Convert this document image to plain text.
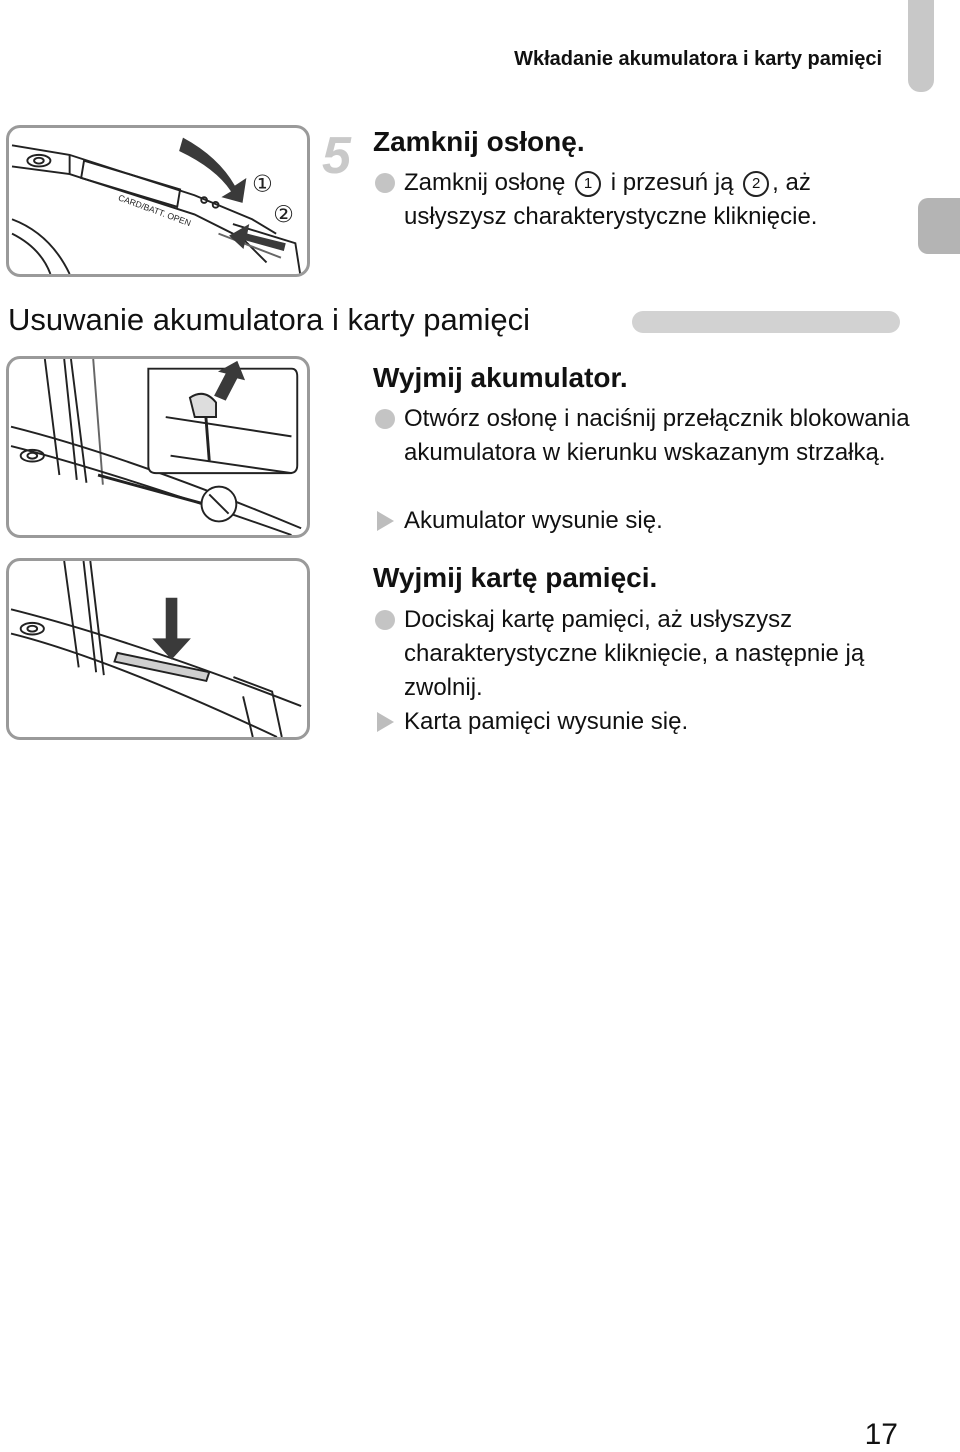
Wkładanie akumulatora i karty pamięci
CARD/BATT. OPEN
①
②
5 Zamknij osłonę.
Zamknij osłonę 1 i przesuń ją 2 , aż usłyszysz charakterystyczne kliknięcie.
Usuwanie akumulatora i karty pamięci
Wyjmij akumulator.
Otwórz osłonę i naciśnij przełącznik blokowania akumulatora w kierunku wskazanym strzałką.
Akumulator wysunie się.
Wyjmij kartę pamięci.
Dociskaj kartę pamięci, aż usłyszysz charakterystyczne kliknięcie, a następnie ją zwolnij.
Karta pamięci wysunie się.
17
